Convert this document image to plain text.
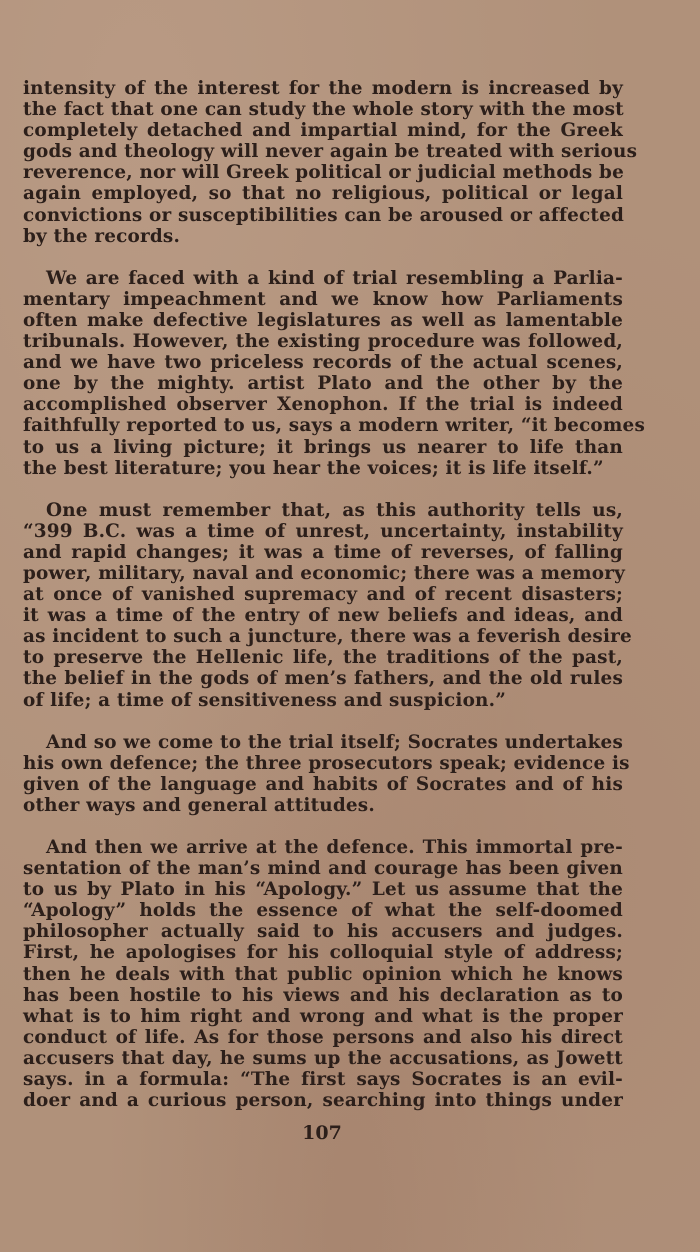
intensity of the interest for the modern is increased by
the fact that one can study the whole story with the most
completely detached and impartial mind, for the Greek
gods and theology will never again be treated with serious
reverence, nor will Greek political or judicial methods be
again employed, so that no religious, political or legal
convictions or susceptibilities can be aroused or affected
by the records.
We are faced with a kind of trial resembling a Parlia-
mentary impeachment and we know how Parliaments
often make defective legislatures as well as lamentable
tribunals. However, the existing procedure was followed,
and we have two priceless records of the actual scenes,
one by the mighty. artist Plato and the other by the
accomplished observer Xenophon. If the trial is indeed
faithfully reported to us, says a modern writer, “it becomes
to us a living picture; it brings us nearer to life than
the best literature; you hear the voices; it is life itself.”
One must remember that, as this authority tells us,
“399 B.C. was a time of unrest, uncertainty, instability
and rapid changes; it was a time of reverses, of falling
power, military, naval and economic; there was a memory
at once of vanished supremacy and of recent disasters;
it was a time of the entry of new beliefs and ideas, and
as incident to such a juncture, there was a feverish desire
to preserve the Hellenic life, the traditions of the past,
the belief in the gods of men’s fathers, and the old rules
of life; a time of sensitiveness and suspicion.”
And so we come to the trial itself; Socrates undertakes
his own defence; the three prosecutors speak; evidence is
given of the language and habits of Socrates and of his
other ways and general attitudes.
And then we arrive at the defence. This immortal pre-
sentation of the man’s mind and courage has been given
to us by Plato in his “Apology.” Let us assume that the
“Apology” holds the essence of what the self-doomed
philosopher actually said to his accusers and judges.
First, he apologises for his colloquial style of address;
then he deals with that public opinion which he knows
has been hostile to his views and his declaration as to
what is to him right and wrong and what is the proper
conduct of life. As for those persons and also his direct
accusers that day, he sums up the accusations, as Jowett
says. in a formula: “The first says Socrates is an evil-
doer and a curious person, searching into things under
107
